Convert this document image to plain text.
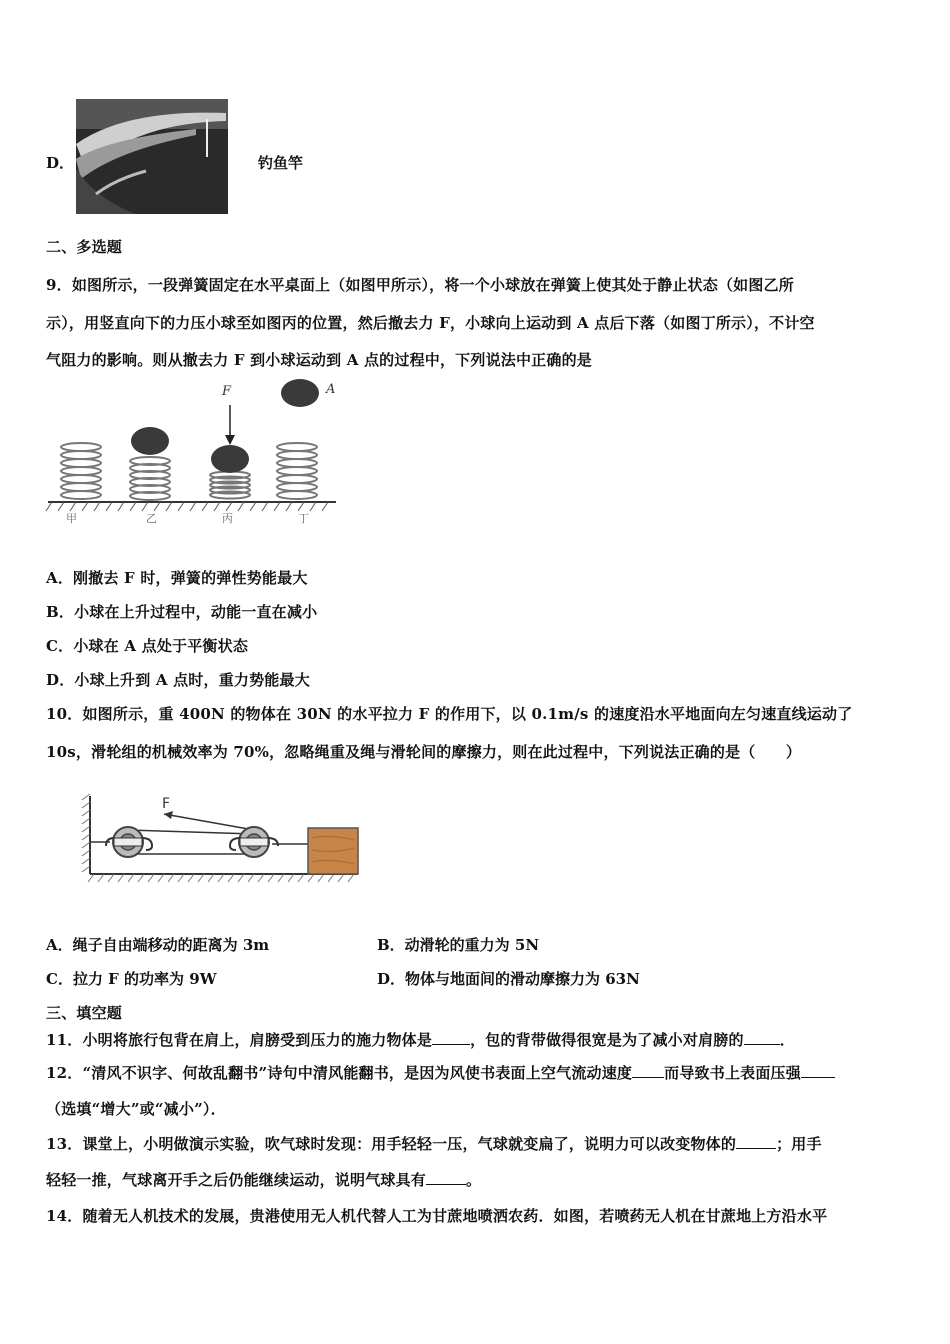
D．	钓鱼竿
二、多选题
9．如图所示，一段弹簧固定在水平桌面上（如图甲所示），将一个小球放在弹簧上使其处于静止状态（如图乙所
示），用竖直向下的力压小球至如图丙的位置，然后撤去力 F，小球向上运动到 A 点后下落（如图丁所示），不计空
气阻力的影响。则从撤去力 F 到小球运动到 A 点的过程中，下列说法中正确的是
F	A
甲	乙	丙	丁
A．刚撤去 F 时，弹簧的弹性势能最大
B．小球在上升过程中，动能一直在减小
C．小球在 A 点处于平衡状态
D．小球上升到 A 点时，重力势能最大
10．如图所示，重 400N 的物体在 30N 的水平拉力 F 的作用下，以 0.1m/s 的速度沿水平地面向左匀速直线运动了
10s，滑轮组的机械效率为 70%，忽略绳重及绳与滑轮间的摩擦力，则在此过程中，下列说法正确的是（　　）
F
A．绳子自由端移动的距离为 3m	B．动滑轮的重力为 5N
C．拉力 F 的功率为 9W	D．物体与地面间的滑动摩擦力为 63N
三、填空题
11．小明将旅行包背在肩上，肩膀受到压力的施力物体是	，包的背带做得很宽是为了减小对肩膀的 ．
12．“清风不识字、何故乱翻书”诗句中清风能翻书，是因为风使书表面上空气流动速度 而导致书上表面压强
（选填“增大”或“减小”）．
13．课堂上，小明做演示实验，吹气球时发现：用手轻轻一压，气球就变扁了，说明力可以改变物体的	；用手
轻轻一推，气球离开手之后仍能继续运动，说明气球具有	。
14．随着无人机技术的发展，贵港使用无人机代替人工为甘蔗地喷洒农药．如图，若喷药无人机在甘蔗地上方沿水平
